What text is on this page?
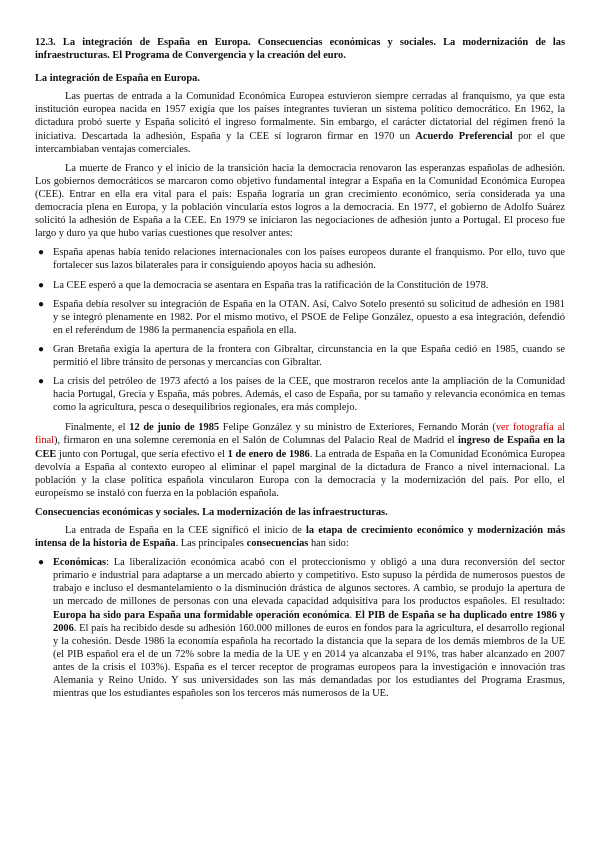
12.3. La integración de España en Europa. Consecuencias económicas y sociales. La modernización de las infraestructuras. El Programa de Convergencia y la creación del euro.

La integración de España en Europa.

Las puertas de entrada a la Comunidad Económica Europea estuvieron siempre cerradas al franquismo, ya que esta institución europea nacida en 1957 exigía que los países integrantes tuvieran un sistema político democrático. En 1962, la dictadura probó suerte y España solicitó el ingreso formalmente. Sin embargo, el carácter dictatorial del régimen frenó la iniciativa. Descartada la adhesión, España y la CEE sí lograron firmar en 1970 un Acuerdo Preferencial por el que intercambiaban ventajas comerciales.

La muerte de Franco y el inicio de la transición hacia la democracia renovaron las esperanzas españolas de adhesión. Los gobiernos democráticos se marcaron como objetivo fundamental integrar a España en la Comunidad Económica Europea (CEE). Entrar en ella era vital para el país: España lograría un gran crecimiento económico, sería considerada ya una democracia plena en Europa, y la población vincularía estos logros a la democracia. En 1977, el gobierno de Adolfo Suárez solicitó la adhesión de España a la CEE. En 1979 se iniciaron las negociaciones de adhesión junto a Portugal. El proceso fue largo y duro ya que hubo varias cuestiones que resolver antes:

● España apenas había tenido relaciones internacionales con los países europeos durante el franquismo. Por ello, tuvo que fortalecer sus lazos bilaterales para ir consiguiendo apoyos hacia su adhesión.
● La CEE esperó a que la democracia se asentara en España tras la ratificación de la Constitución de 1978.
● España debía resolver su integración de España en la OTAN. Así, Calvo Sotelo presentó su solicitud de adhesión en 1981 y se integró plenamente en 1982. Por el mismo motivo, el PSOE de Felipe González, opuesto a esa integración, defendió en el referéndum de 1986 la permanencia española en ella.
● Gran Bretaña exigía la apertura de la frontera con Gibraltar, circunstancia en la que España cedió en 1985, cuando se permitió el libre tránsito de personas y mercancías con Gibraltar.
● La crisis del petróleo de 1973 afectó a los países de la CEE, que mostraron recelos ante la ampliación de la Comunidad hacia Portugal, Grecia y España, más pobres. Además, el caso de España, por su tamaño y relevancia económica en temas como la agricultura, pesca o desequilibrios regionales, era más complejo.

Finalmente, el 12 de junio de 1985 Felipe González y su ministro de Exteriores, Fernando Morán (ver fotografía al final), firmaron en una solemne ceremonia en el Salón de Columnas del Palacio Real de Madrid el ingreso de España en la CEE junto con Portugal, que sería efectivo el 1 de enero de 1986. La entrada de España en la Comunidad Económica Europea devolvía a España al contexto europeo al eliminar el papel marginal de la dictadura de Franco a nivel internacional. La población y la clase política española vincularon Europa con la democracia y la modernización del país. Por ello, el europeísmo se instaló con fuerza en la población española.

Consecuencias económicas y sociales. La modernización de las infraestructuras.

La entrada de España en la CEE significó el inicio de la etapa de crecimiento económico y modernización más intensa de la historia de España. Las principales consecuencias han sido:

● Económicas: La liberalización económica acabó con el proteccionismo y obligó a una dura reconversión del sector primario e industrial para adaptarse a un mercado abierto y competitivo. Esto supuso la pérdida de numerosos puestos de trabajo e incluso el desmantelamiento o la disminución drástica de algunos sectores. A cambio, se produjo la apertura de un mercado de millones de personas con una elevada capacidad adquisitiva para los productos españoles. El resultado: Europa ha sido para España una formidable operación económica. El PIB de España se ha duplicado entre 1986 y 2006. El país ha recibido desde su adhesión 160.000 millones de euros en fondos para la agricultura, el desarrollo regional y la cohesión. Desde 1986 la economía española ha recortado la distancia que la separa de los demás miembros de la UE (el PIB español era el de un 72% sobre la media de la UE y en 2014 ya alcanzaba el 91%, tras haber alcanzado en 2007 antes de la crisis el 103%). España es el tercer receptor de programas europeos para la investigación e innovación tras Alemania y Reino Unido. Y sus universidades son las más demandadas por los estudiantes del Programa Erasmus, mientras que los estudiantes españoles son los terceros más numerosos de la UE.
